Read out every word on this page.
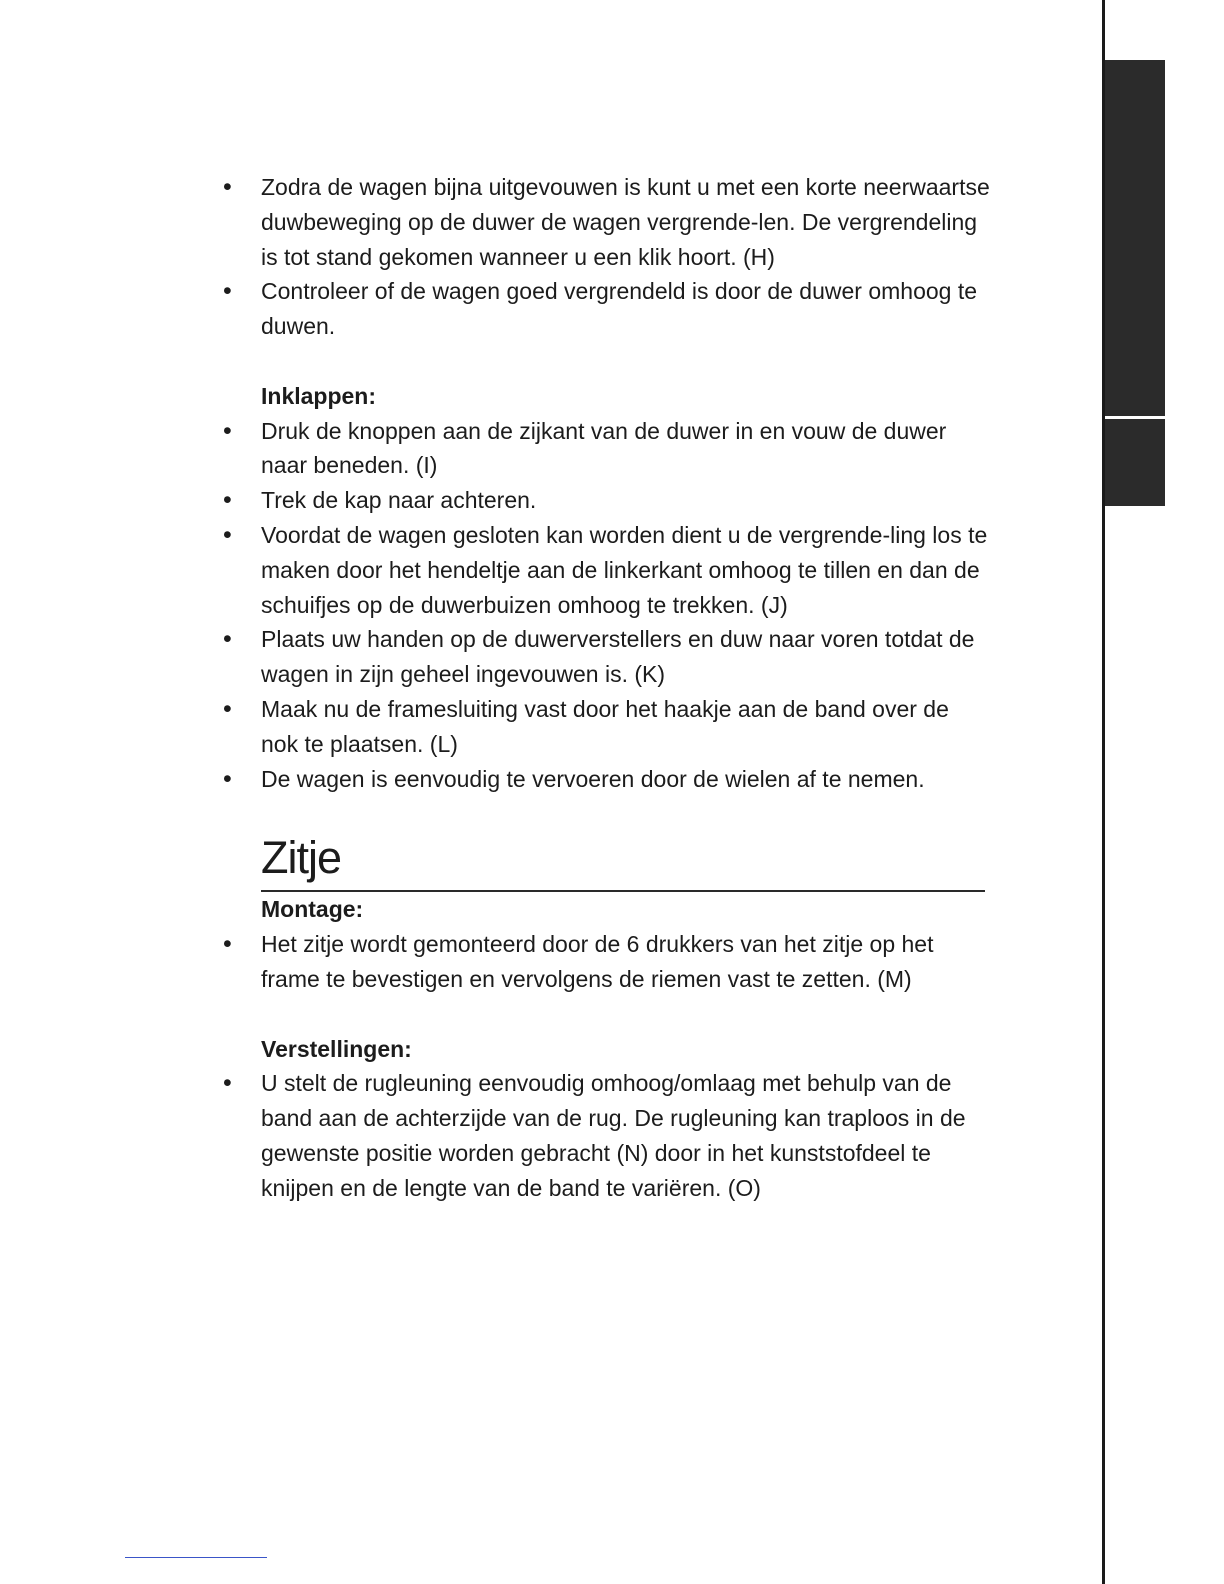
• Zodra de wagen bijna uitgevouwen is kunt u met een korte neerwaartse duwbeweging op de duwer de wagen vergrende-len. De vergrendeling is tot stand gekomen wanneer u een klik hoort. (H)
• Controleer of de wagen goed vergrendeld is door de duwer omhoog te duwen.
Inklappen:
• Druk de knoppen aan de zijkant van de duwer in en vouw de duwer naar beneden. (I)
• Trek de kap naar achteren.
• Voordat de wagen gesloten kan worden dient u de vergrende-ling los te maken door het hendeltje aan de linkerkant omhoog te tillen en dan de schuifjes op de duwerbuizen omhoog te trekken. (J)
• Plaats uw handen op de duwerverstellers en duw naar voren totdat de wagen in zijn geheel ingevouwen is. (K)
• Maak nu de framesluiting vast door het haakje aan de band over de nok te plaatsen. (L)
• De wagen is eenvoudig te vervoeren door de wielen af te nemen.
Zitje
Montage:
• Het zitje wordt gemonteerd door de 6 drukkers van het zitje op het frame te bevestigen en vervolgens de riemen vast te zetten. (M)
Verstellingen:
• U stelt de rugleuning eenvoudig omhoog/omlaag met behulp van de band aan de achterzijde van de rug. De rugleuning kan traploos in de gewenste positie worden gebracht (N) door in het kunststofdeel te knijpen en de lengte van de band te variëren. (O)
